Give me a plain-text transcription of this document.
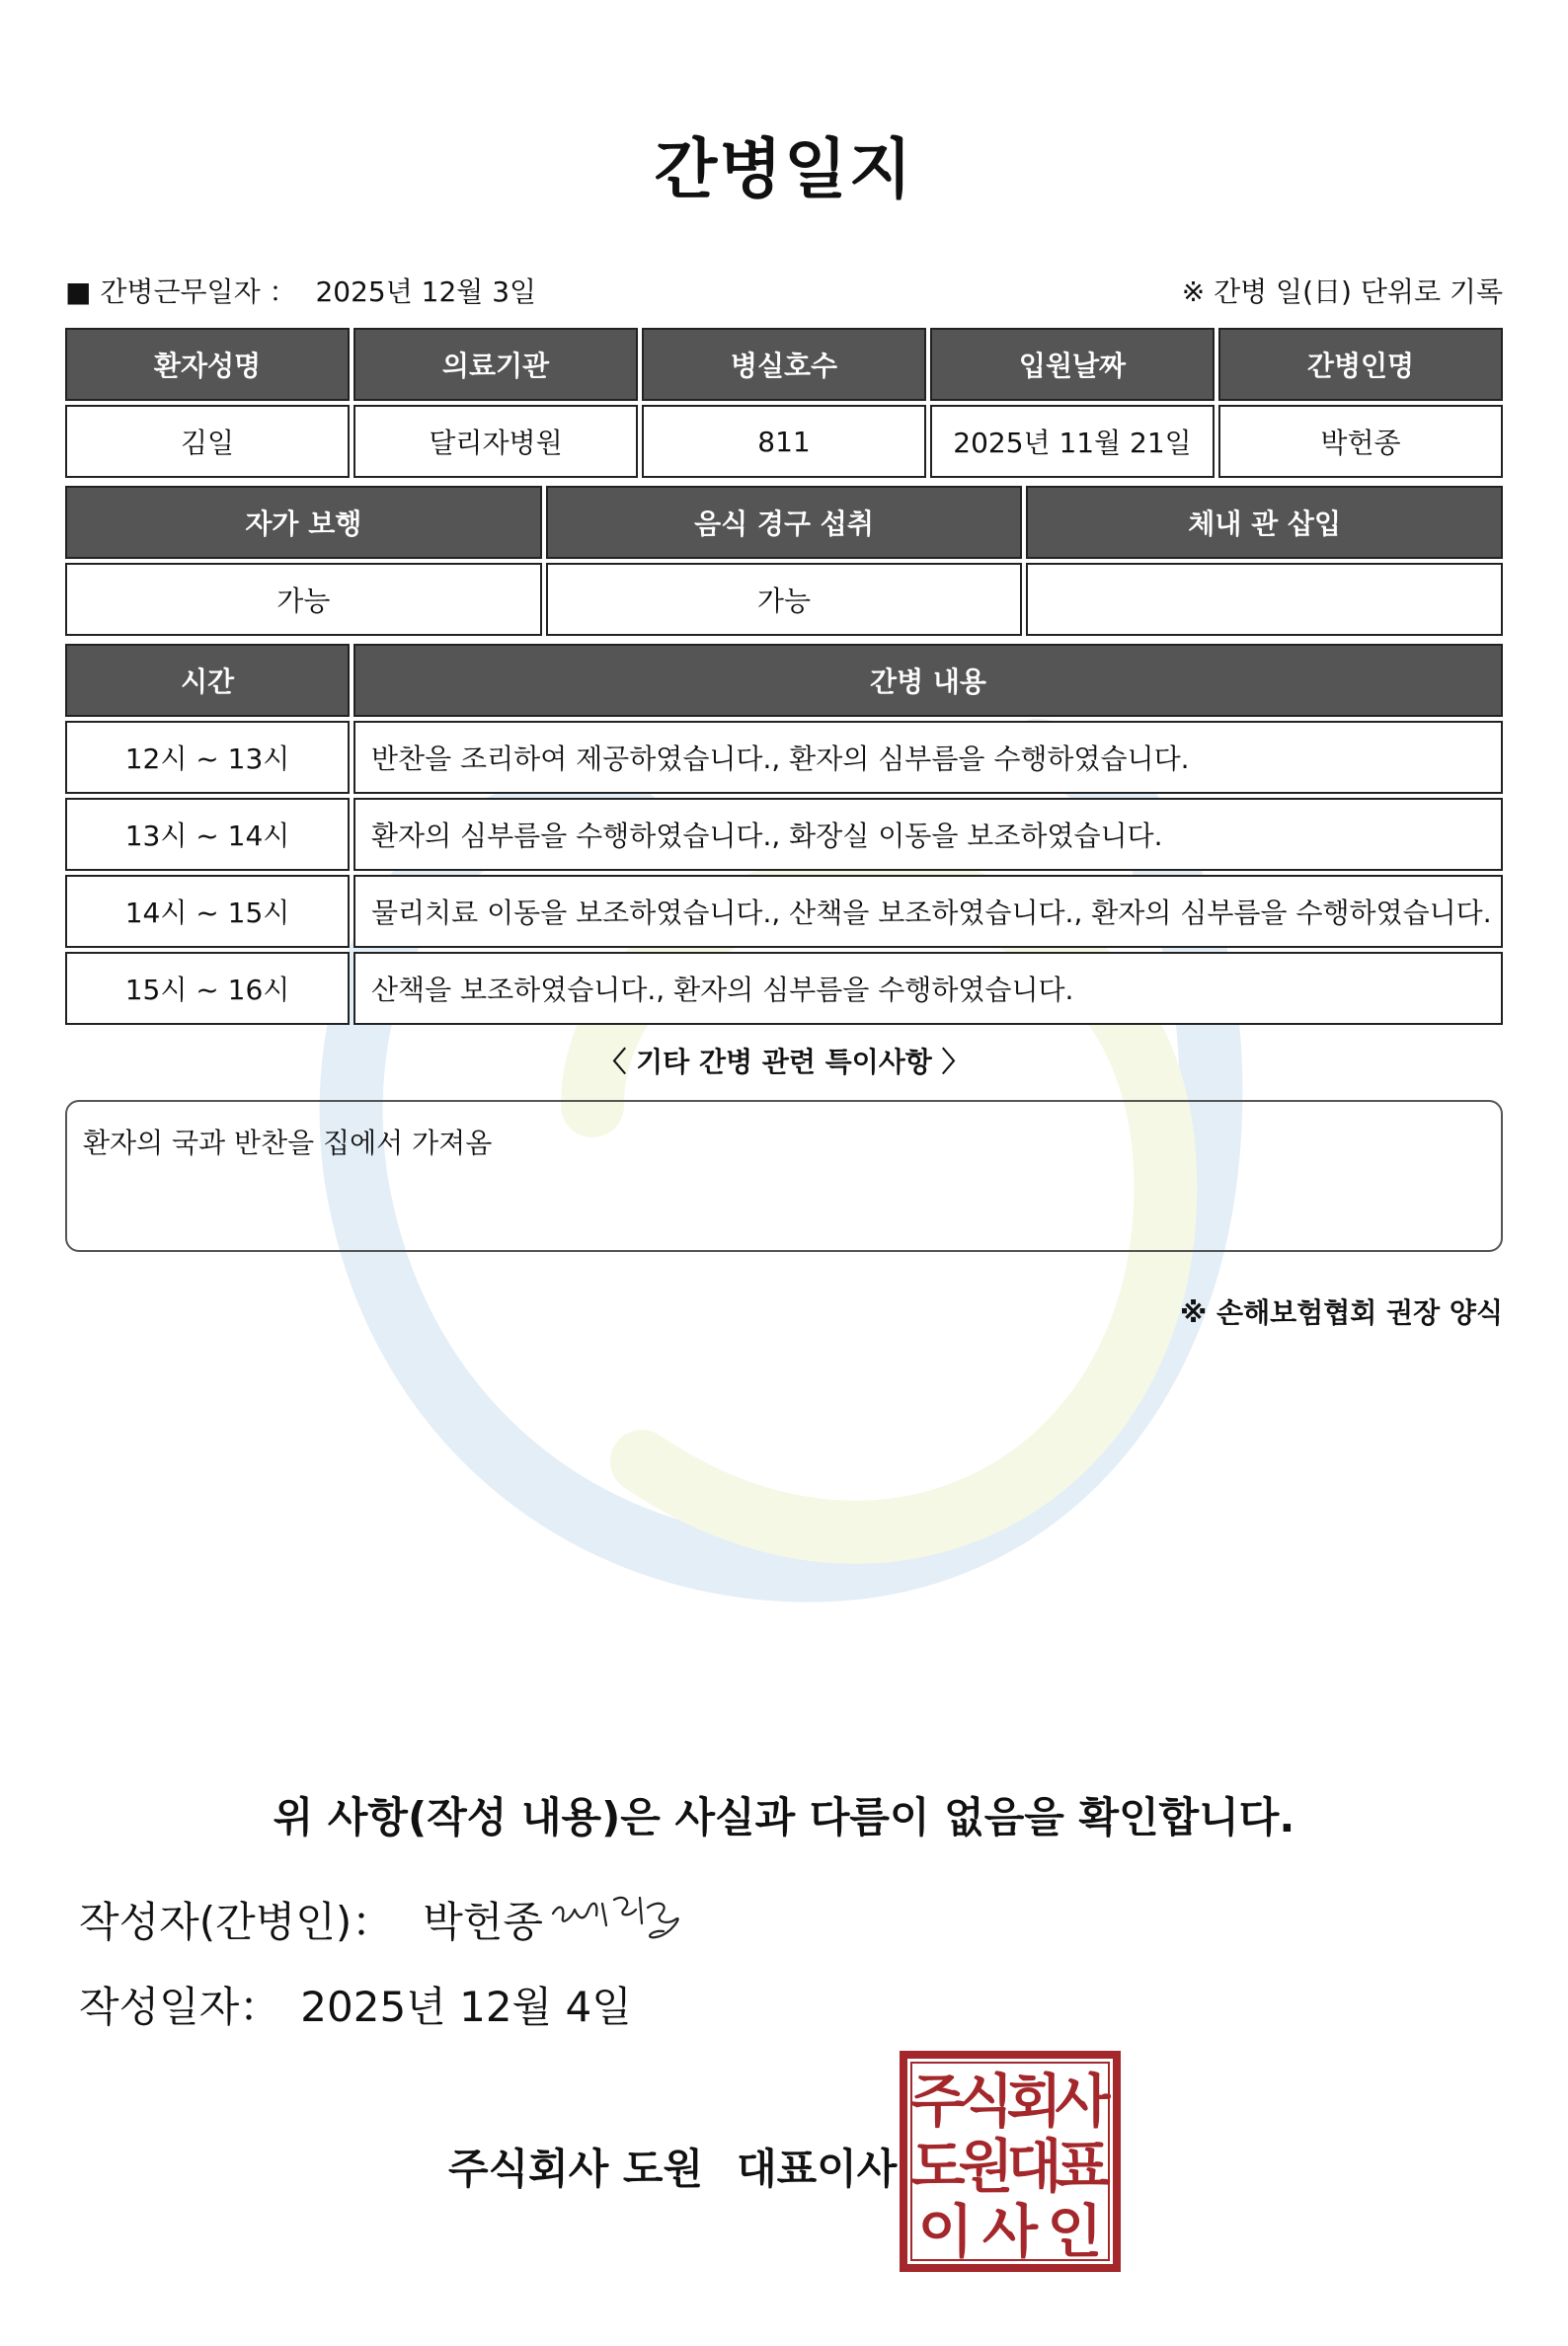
간병일지
■ 간병근무일자 ： 2025년 12월 3일	※ 간병 일(日) 단위로 기록
환자성명	의료기관	병실호수	입원날짜	간병인명
김일	달리자병원	811	2025년 11월 21일	박헌종
자가 보행	음식 경구 섭취	체내 관 삽입
가능	가능	
시간	간병 내용
12시 ~ 13시	반찬을 조리하여 제공하였습니다., 환자의 심부름을 수행하였습니다.
13시 ~ 14시	환자의 심부름을 수행하였습니다., 화장실 이동을 보조하였습니다.
14시 ~ 15시	물리치료 이동을 보조하였습니다., 산책을 보조하였습니다., 환자의 심부름을 수행하였습니다.
15시 ~ 16시	산책을 보조하였습니다., 환자의 심부름을 수행하였습니다.
〈 기타 간병 관련 특이사항 〉
환자의 국과 반찬을 집에서 가져옴
※ 손해보험협회 권장 양식
위 사항(작성 내용)은 사실과 다름이 없음을 확인합니다.
작성자(간병인)： 박헌종
작성일자： 2025년 12월 4일
주식회사 도원 대표이사
주
식
회
사
도
원
대
표
이 사 인
